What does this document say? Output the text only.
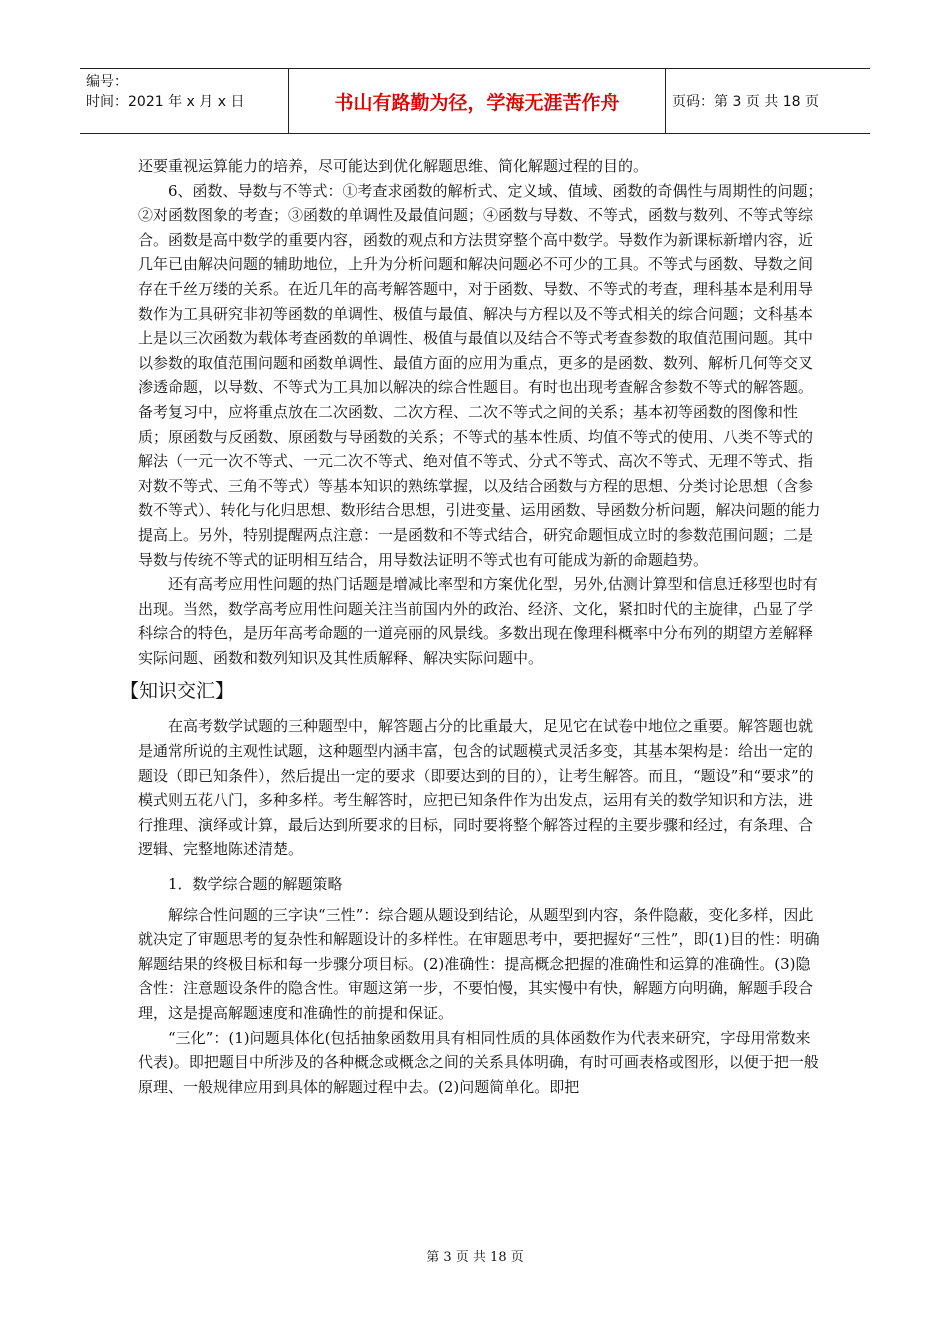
编号：
时间：2021 年 x 月 x 日	书山有路勤为径，学海无涯苦作舟	页码：第 3 页 共 18 页

还要重视运算能力的培养，尽可能达到优化解题思维、简化解题过程的目的。

6、函数、导数与不等式：①考查求函数的解析式、定义域、值域、函数的奇偶性与周期性的问题；②对函数图象的考查；③函数的单调性及最值问题；④函数与导数、不等式，函数与数列、不等式等综合。函数是高中数学的重要内容，函数的观点和方法贯穿整个高中数学。导数作为新课标新增内容，近几年已由解决问题的辅助地位，上升为分析问题和解决问题必不可少的工具。不等式与函数、导数之间存在千丝万缕的关系。在近几年的高考解答题中，对于函数、导数、不等式的考查，理科基本是利用导数作为工具研究非初等函数的单调性、极值与最值、解决与方程以及不等式相关的综合问题；文科基本上是以三次函数为载体考查函数的单调性、极值与最值以及结合不等式考查参数的取值范围问题。其中以参数的取值范围问题和函数单调性、最值方面的应用为重点，更多的是函数、数列、解析几何等交叉渗透命题，以导数、不等式为工具加以解决的综合性题目。有时也出现考查解含参数不等式的解答题。备考复习中，应将重点放在二次函数、二次方程、二次不等式之间的关系；基本初等函数的图像和性质；原函数与反函数、原函数与导函数的关系；不等式的基本性质、均值不等式的使用、八类不等式的解法（一元一次不等式、一元二次不等式、绝对值不等式、分式不等式、高次不等式、无理不等式、指对数不等式、三角不等式）等基本知识的熟练掌握，以及结合函数与方程的思想、分类讨论思想（含参数不等式）、转化与化归思想、数形结合思想，引进变量、运用函数、导函数分析问题，解决问题的能力提高上。另外，特别提醒两点注意：一是函数和不等式结合，研究命题恒成立时的参数范围问题；二是导数与传统不等式的证明相互结合，用导数法证明不等式也有可能成为新的命题趋势。

还有高考应用性问题的热门话题是增减比率型和方案优化型，另外,估测计算型和信息迁移型也时有出现。当然，数学高考应用性问题关注当前国内外的政治、经济、文化，紧扣时代的主旋律，凸显了学科综合的特色，是历年高考命题的一道亮丽的风景线。多数出现在像理科概率中分布列的期望方差解释实际问题、函数和数列知识及其性质解释、解决实际问题中。

【知识交汇】

在高考数学试题的三种题型中，解答题占分的比重最大，足见它在试卷中地位之重要。解答题也就是通常所说的主观性试题，这种题型内涵丰富，包含的试题模式灵活多变，其基本架构是：给出一定的题设（即已知条件），然后提出一定的要求（即要达到的目的），让考生解答。而且，“题设”和“要求”的模式则五花八门，多种多样。考生解答时，应把已知条件作为出发点，运用有关的数学知识和方法，进行推理、演绎或计算，最后达到所要求的目标，同时要将整个解答过程的主要步骤和经过，有条理、合逻辑、完整地陈述清楚。

1．数学综合题的解题策略

解综合性问题的三字诀“三性”：综合题从题设到结论，从题型到内容，条件隐蔽，变化多样，因此就决定了审题思考的复杂性和解题设计的多样性。在审题思考中，要把握好“三性”，即(1)目的性：明确解题结果的终极目标和每一步骤分项目标。(2)准确性：提高概念把握的准确性和运算的准确性。(3)隐含性：注意题设条件的隐含性。审题这第一步，不要怕慢，其实慢中有快，解题方向明确，解题手段合理，这是提高解题速度和准确性的前提和保证。

“三化”：(1)问题具体化(包括抽象函数用具有相同性质的具体函数作为代表来研究，字母用常数来代表)。即把题目中所涉及的各种概念或概念之间的关系具体明确，有时可画表格或图形，以便于把一般原理、一般规律应用到具体的解题过程中去。(2)问题简单化。即把

第 3 页 共 18 页
